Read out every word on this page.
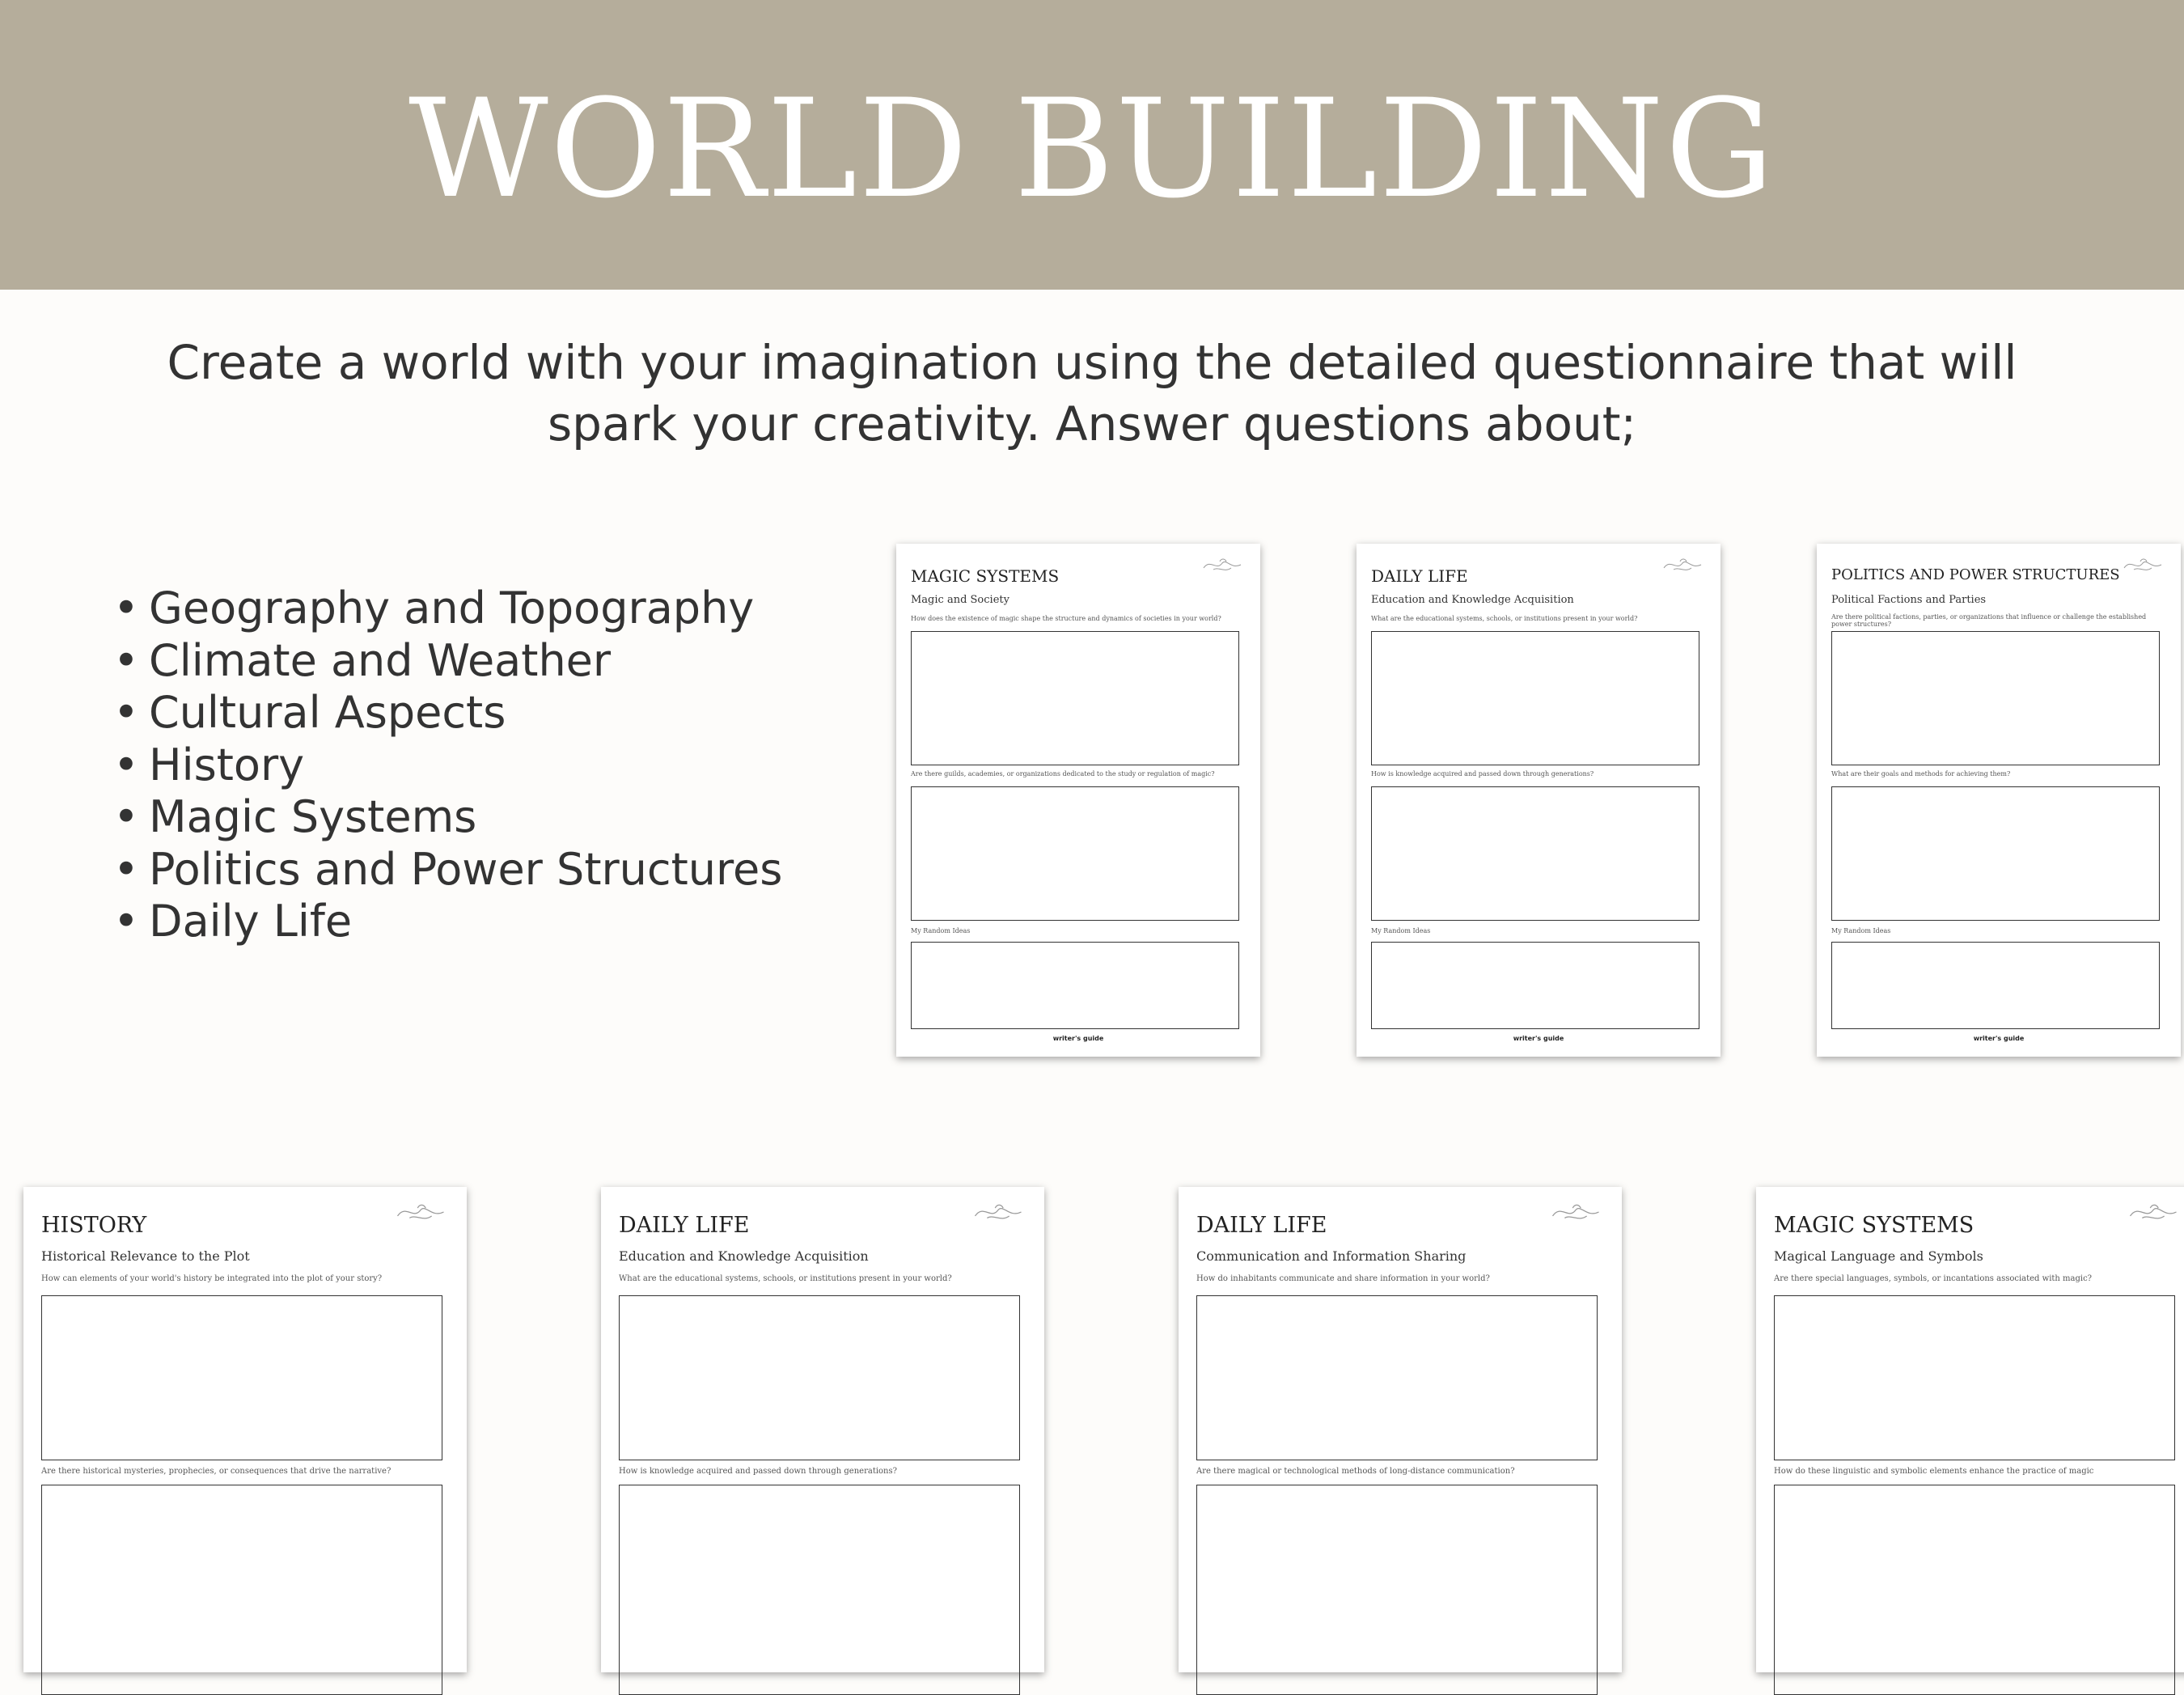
WORLD BUILDING
Create a world with your imagination using the detailed questionnaire that will
spark your creativity. Answer questions about;
• Geography and Topography
• Climate and Weather
• Cultural Aspects
• History
• Magic Systems
• Politics and Power Structures
• Daily Life
MAGIC SYSTEMS
Magic and Society
How does the existence of magic shape the structure and dynamics of societies in your world?
Are there guilds, academies, or organizations dedicated to the study or regulation of magic?
My Random Ideas
writer's guide
DAILY LIFE
Education and Knowledge Acquisition
What are the educational systems, schools, or institutions present in your world?
How is knowledge acquired and passed down through generations?
My Random Ideas
writer's guide
POLITICS AND POWER STRUCTURES
Political Factions and Parties
Are there political factions, parties, or organizations that influence or challenge the established power structures?
What are their goals and methods for achieving them?
My Random Ideas
writer's guide
HISTORY
Historical Relevance to the Plot
How can elements of your world's history be integrated into the plot of your story?
Are there historical mysteries, prophecies, or consequences that drive the narrative?
DAILY LIFE
Education and Knowledge Acquisition
What are the educational systems, schools, or institutions present in your world?
How is knowledge acquired and passed down through generations?
DAILY LIFE
Communication and Information Sharing
How do inhabitants communicate and share information in your world?
Are there magical or technological methods of long-distance communication?
MAGIC SYSTEMS
Magical Language and Symbols
Are there special languages, symbols, or incantations associated with magic?
How do these linguistic and symbolic elements enhance the practice of magic
